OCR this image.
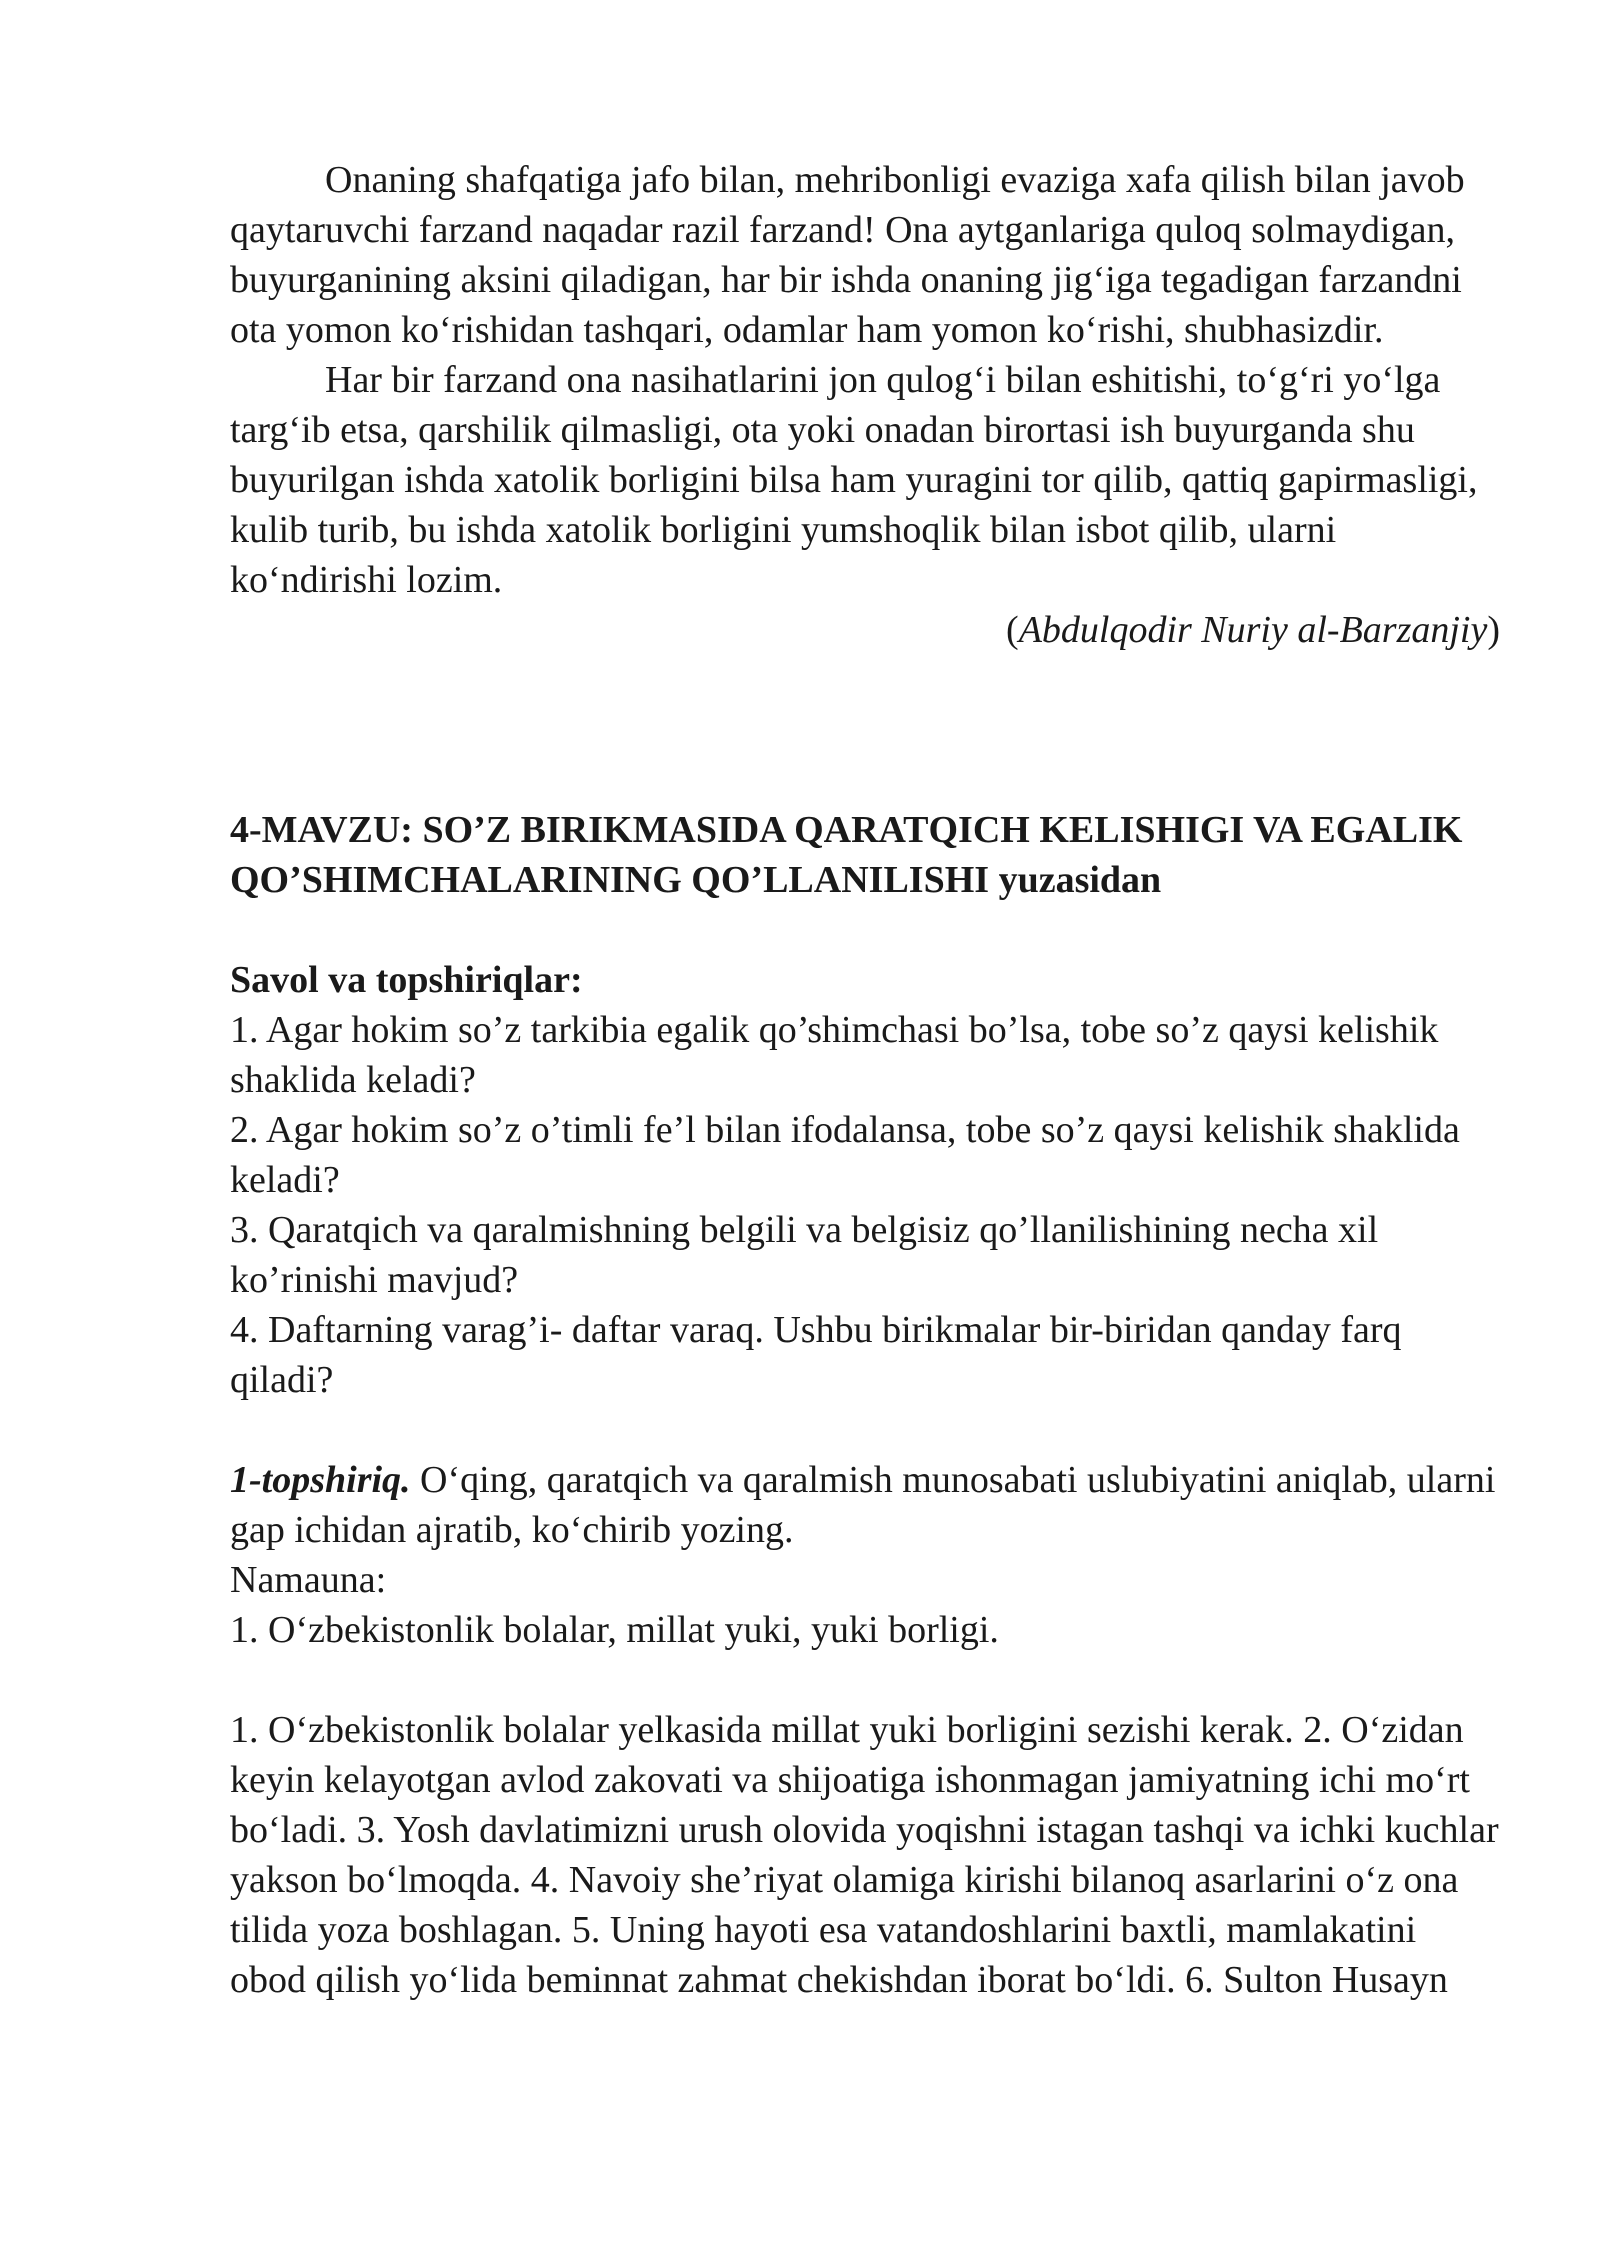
Onaning shafqatiga jafo bilan, mehribonligi evaziga xafa qilish bilan javob qaytaruvchi farzand naqadar razil farzand! Ona aytganlariga quloq solmaydigan, buyurganining aksini qiladigan, har bir ishda onaning jig‘iga tegadigan farzandni ota yomon ko‘rishidan tashqari, odamlar ham yomon ko‘rishi, shubhasizdir.

Har bir farzand ona nasihatlarini jon qulog‘i bilan eshitishi, to‘g‘ri yo‘lga targ‘ib etsa, qarshilik qilmasligi, ota yoki onadan birortasi ish buyurganda shu buyurilgan ishda xatolik borligini bilsa ham yuragini tor qilib, qattiq gapirmasligi, kulib turib, bu ishda xatolik borligini yumshoqlik bilan isbot qilib, ularni ko‘ndirishi lozim.

(Abdulqodir Nuriy al-Barzanjiy)

4-MAVZU: SO’Z BIRIKMASIDA QARATQICH KELISHIGI VA EGALIK QO’SHIMCHALARINING QO’LLANILISHI yuzasidan

Savol va topshiriqlar:

1. Agar hokim so’z tarkibia egalik qo’shimchasi bo’lsa, tobe so’z qaysi kelishik shaklida keladi?

2. Agar hokim so’z o’timli fe’l bilan ifodalansa, tobe so’z qaysi kelishik shaklida keladi?

3. Qaratqich va qaralmishning belgili va belgisiz qo’llanilishining necha xil ko’rinishi mavjud?

4. Daftarning varag’i- daftar varaq. Ushbu birikmalar bir-biridan qanday farq qiladi?

1-topshiriq. O‘qing, qaratqich va qaralmish munosabati uslubiyatini aniqlab, ularni gap ichidan ajratib, ko‘chirib yozing.

Namauna:

1. O‘zbekistonlik bolalar, millat yuki, yuki borligi.

1. O‘zbekistonlik bolalar yelkasida millat yuki borligini sezishi kerak. 2. O‘zidan keyin kelayotgan avlod zakovati va shijoatiga ishonmagan jamiyatning ichi mo‘rt bo‘ladi. 3. Yosh davlatimizni urush olovida yoqishni istagan tashqi va ichki kuchlar yakson bo‘lmoqda. 4. Navoiy she’riyat olamiga kirishi bilanoq asarlarini o‘z ona tilida yoza boshlagan. 5. Uning hayoti esa vatandoshlarini baxtli, mamlakatini obod qilish yo‘lida beminnat zahmat chekishdan iborat bo‘ldi. 6. Sulton Husayn
